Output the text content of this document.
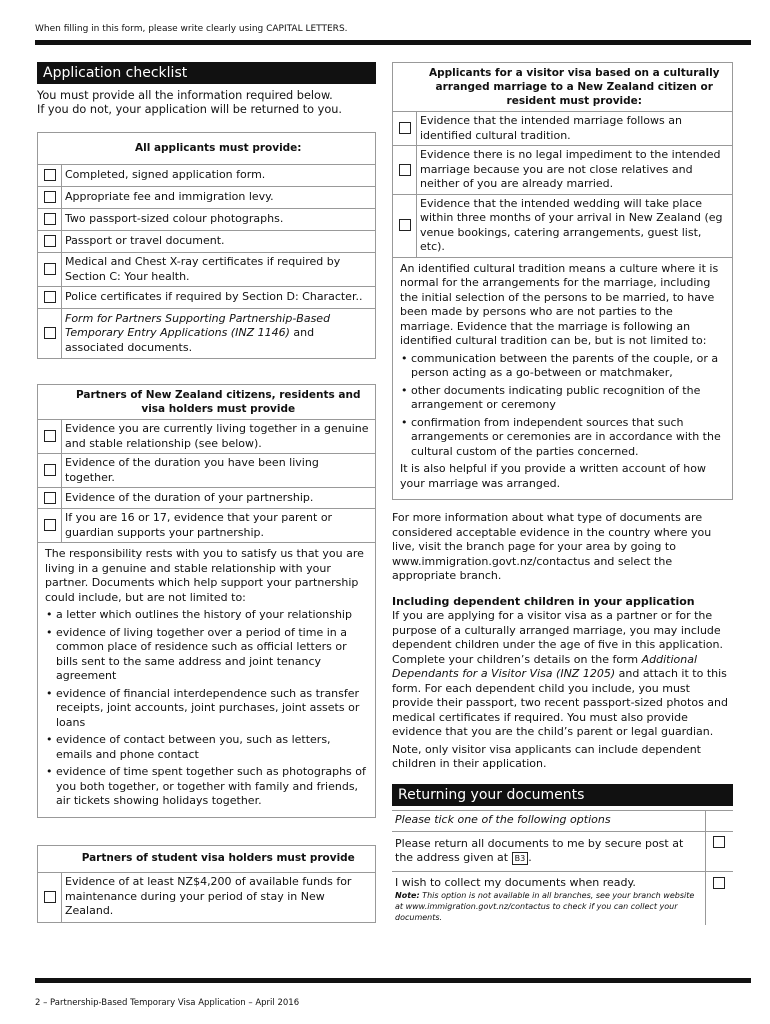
When filling in this form, please write clearly using CAPITAL LETTERS.
Application checklist
You must provide all the information required below.
If you do not, your application will be returned to you.
	All applicants must provide:
	Completed, signed application form.
	Appropriate fee and immigration levy.
	Two passport-sized colour photographs.
	Passport or travel document.
	Medical and Chest X-ray certificates if required by Section C: Your health.
	Police certificates if required by Section D: Character..
	Form for Partners Supporting Partnership-Based Temporary Entry Applications (INZ 1146) and associated documents.
	Partners of New Zealand citizens, residents and visa holders must provide
	Evidence you are currently living together in a genuine and stable relationship (see below).
	Evidence of the duration you have been living together.
	Evidence of the duration of your partnership.
	If you are 16 or 17, evidence that your parent or guardian supports your partnership.

The responsibility rests with you to satisfy us that you are living in a genuine and stable relationship with your partner. Documents which help support your partnership could include, but are not limited to:

• a letter which outlines the history of your relationship
• evidence of living together over a period of time in a common place of residence such as official letters or bills sent to the same address and joint tenancy agreement
• evidence of financial interdependence such as transfer receipts, joint accounts, joint purchases, joint assets or loans
• evidence of contact between you, such as letters, emails and phone contact
• evidence of time spent together such as photographs of you both together, or together with family and friends, air tickets showing holidays together.
	Partners of student visa holders must provide
	Evidence of at least NZ$4,200 of available funds for maintenance during your period of stay in New Zealand.
	Applicants for a visitor visa based on a culturally arranged marriage to a New Zealand citizen or resident must provide:
	Evidence that the intended marriage follows an identified cultural tradition.
	Evidence there is no legal impediment to the intended marriage because you are not close relatives and neither of you are already married.
	Evidence that the intended wedding will take place within three months of your arrival in New Zealand (eg venue bookings, catering arrangements, guest list, etc).

An identified cultural tradition means a culture where it is normal for the arrangements for the marriage, including the initial selection of the persons to be married, to have been made by persons who are not parties to the marriage. Evidence that the marriage is following an identified cultural tradition can be, but is not limited to:

• communication between the parents of the couple, or a person acting as a go-between or matchmaker,
• other documents indicating public recognition of the arrangement or ceremony
• confirmation from independent sources that such arrangements or ceremonies are in accordance with the cultural custom of the parties concerned.

It is also helpful if you provide a written account of how your marriage was arranged.

For more information about what type of documents are considered acceptable evidence in the country where you live, visit the branch page for your area by going to www.immigration.govt.nz/contactus and select the appropriate branch.

Including dependent children in your application

If you are applying for a visitor visa as a partner or for the purpose of a culturally arranged marriage, you may include dependent children under the age of five in this application. Complete your children’s details on the form Additional Dependants for a Visitor Visa (INZ 1205) and attach it to this form. For each dependent child you include, you must provide their passport, two recent passport-sized photos and medical certificates if required. You must also provide evidence that you are the child’s parent or legal guardian.

Note, only visitor visa applicants can include dependent children in their application.

Returning your documents
Please tick one of the following options	
Please return all documents to me by secure post at the address given at B3 .	

I wish to collect my documents when ready.
Note: This option is not available in all branches, see your branch website at www.immigration.govt.nz/contactus to check if you can collect your documents.	

2 – Partnership-Based Temporary Visa Application – April 2016
